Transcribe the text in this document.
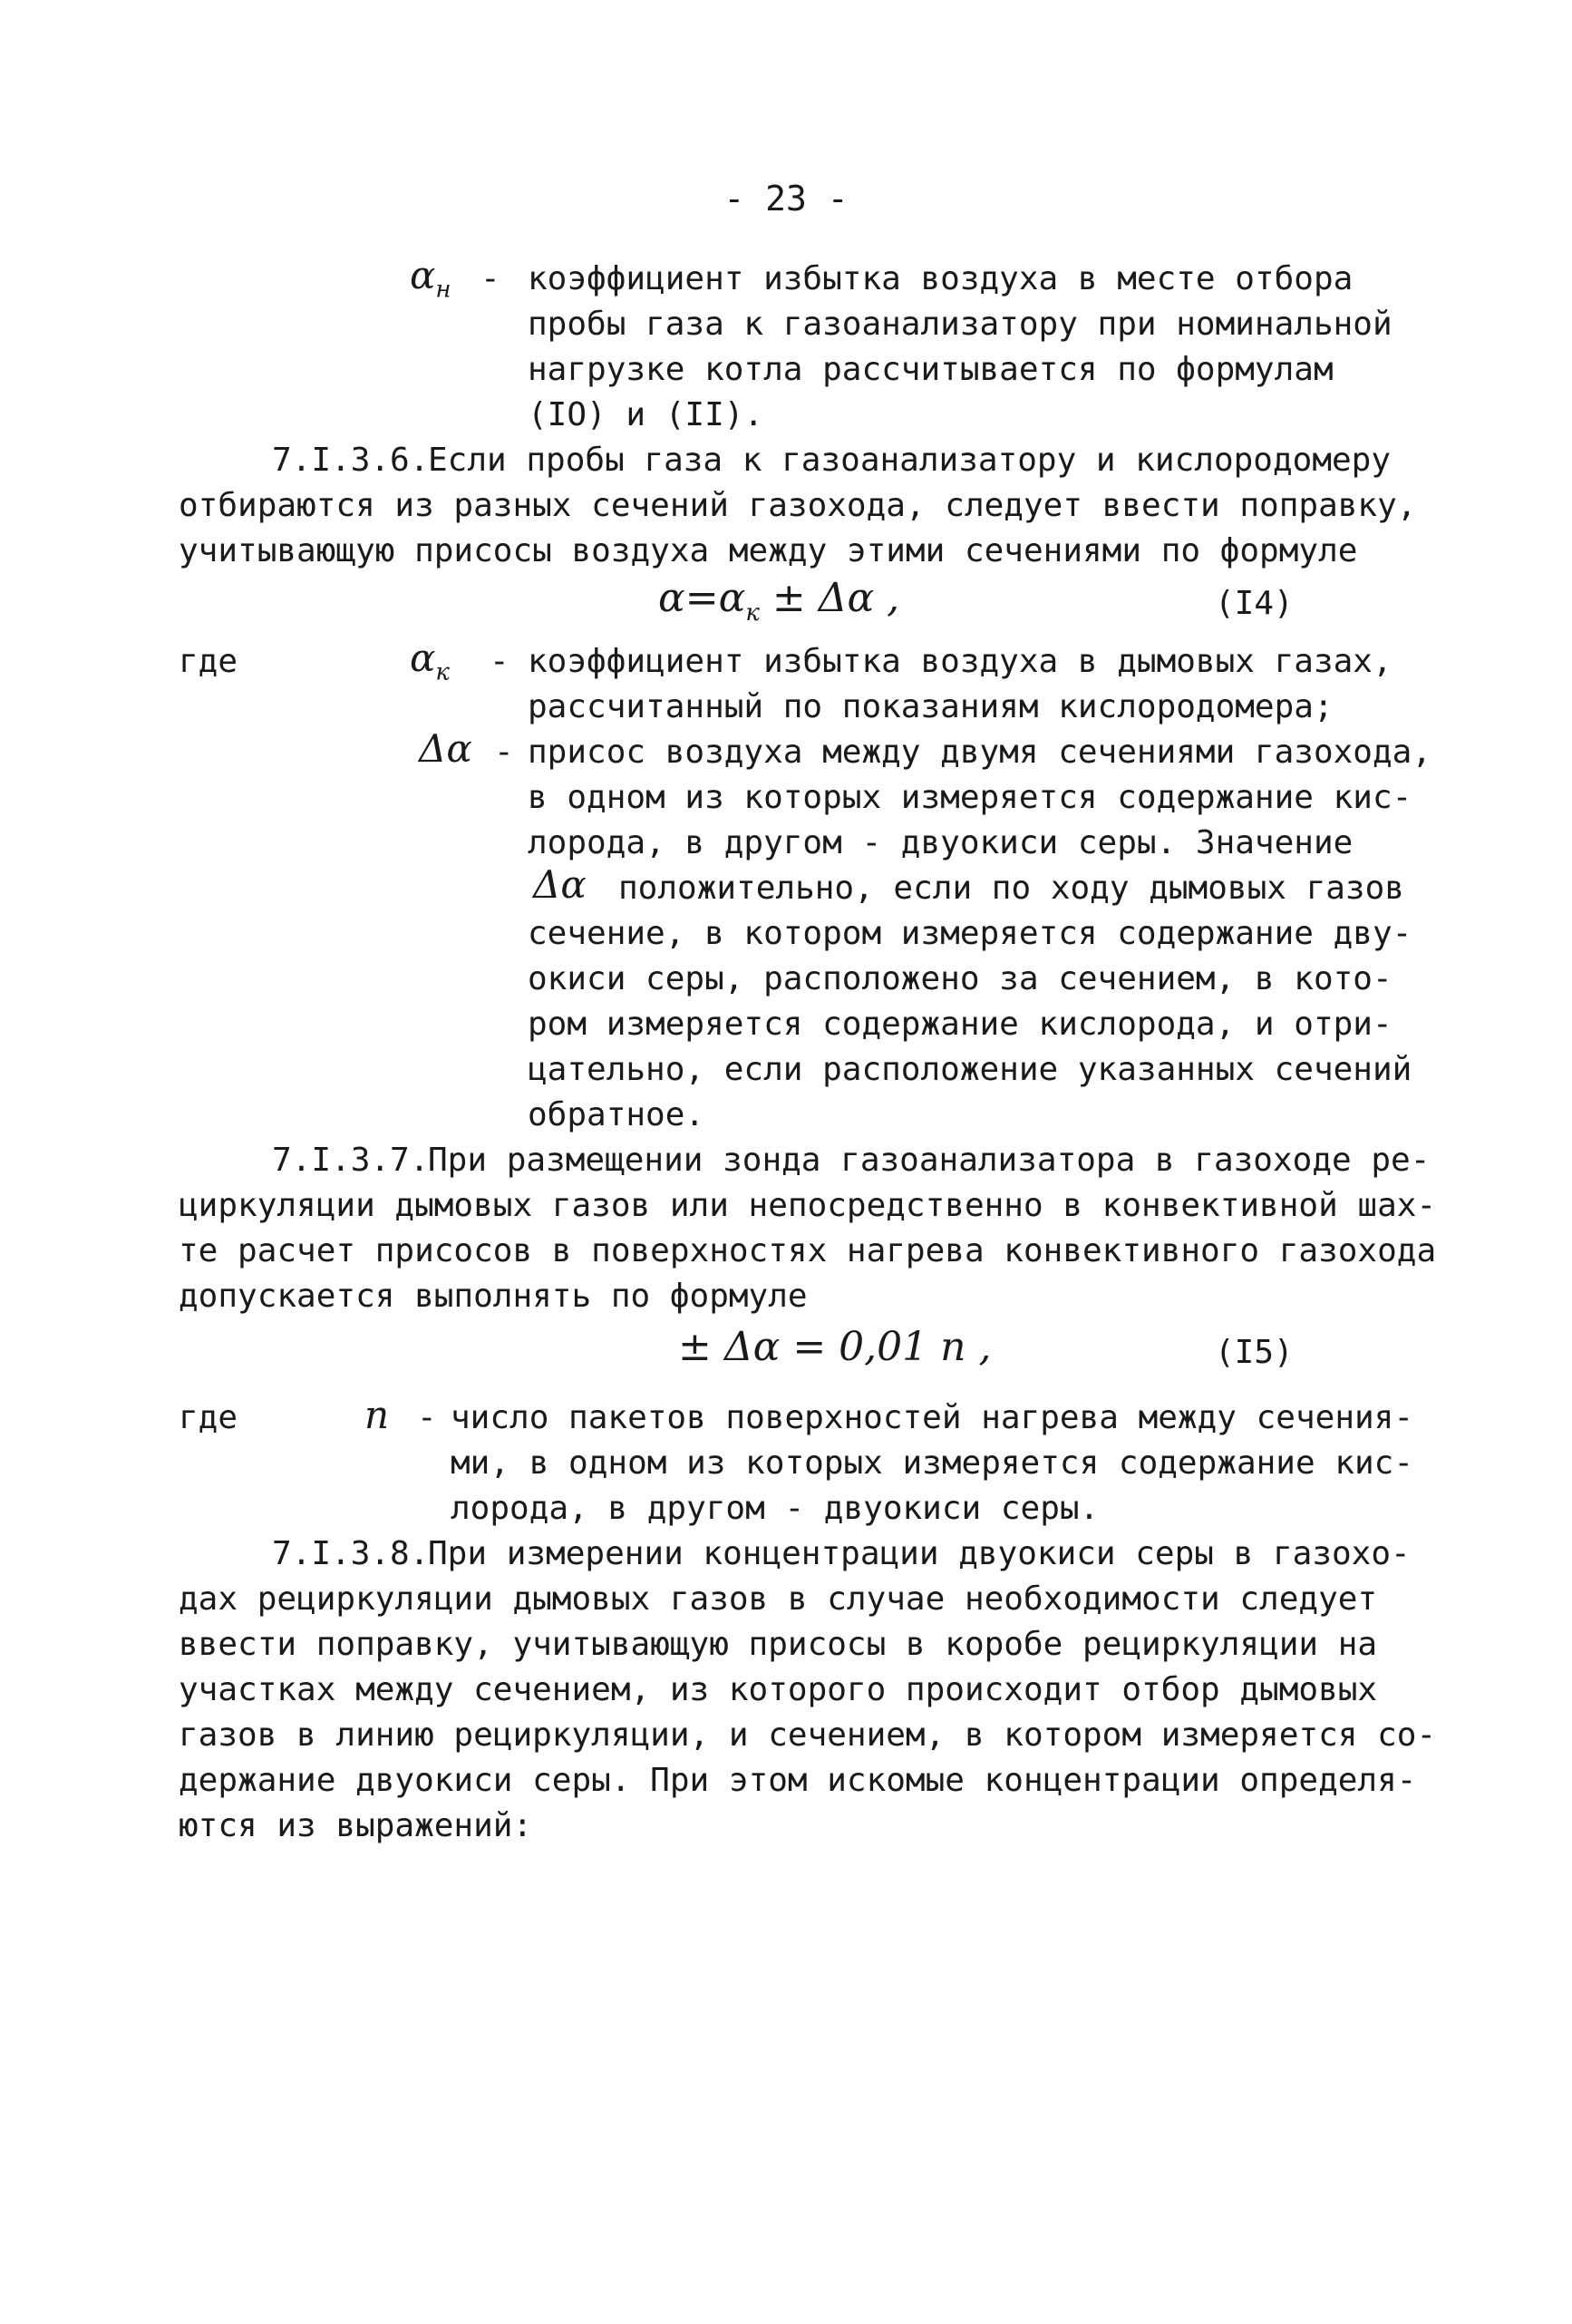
- 23 -
$\alpha_н$ - коэффициент избытка воздуха в месте отбора
пробы газа к газоанализатору при номинальной
нагрузке котла рассчитывается по формулам
(IO) и (II).
7.I.3.6.
Если пробы газа к газоанализатору и кислородомеру
отбираются из разных сечений газохода, следует ввести поправку,
учитывающую присосы воздуха между этими сечениями по формуле
$\alpha=\alpha_к \pm \Delta\alpha$ ,	(I4)
где	$\alpha_к$ - коэффициент избытка воздуха в дымовых газах,
рассчитанный по показаниям кислородомера;
Δα - присос воздуха между двумя сечениями газохода,
в одном из которых измеряется содержание кис-
лорода, в другом - двуокиси серы. Значение
Δα положительно, если по ходу дымовых газов
сечение, в котором измеряется содержание дву-
окиси серы, расположено за сечением, в кото-
ром измеряется содержание кислорода, и отри-
цательно, если расположение указанных сечений
обратное.
7.I.3.7.
При размещении зонда газоанализатора в газоходе ре-
циркуляции дымовых газов или непосредственно в конвективной шах-
те расчет присосов в поверхностях нагрева конвективного газохода
допускается выполнять по формуле
± Δα = 0,01 n ,	(I5)
где	n - число пакетов поверхностей нагрева между сечения-
ми, в одном из которых измеряется содержание кис-
лорода, в другом - двуокиси серы.
7.I.3.8.
При измерении концентрации двуокиси серы в газохо-
дах рециркуляции дымовых газов в случае необходимости следует
ввести поправку, учитывающую присосы в коробе рециркуляции на
участках между сечением, из которого происходит отбор дымовых
газов в линию рециркуляции, и сечением, в котором измеряется со-
держание двуокиси серы. При этом искомые концентрации определя-
ются из выражений:
